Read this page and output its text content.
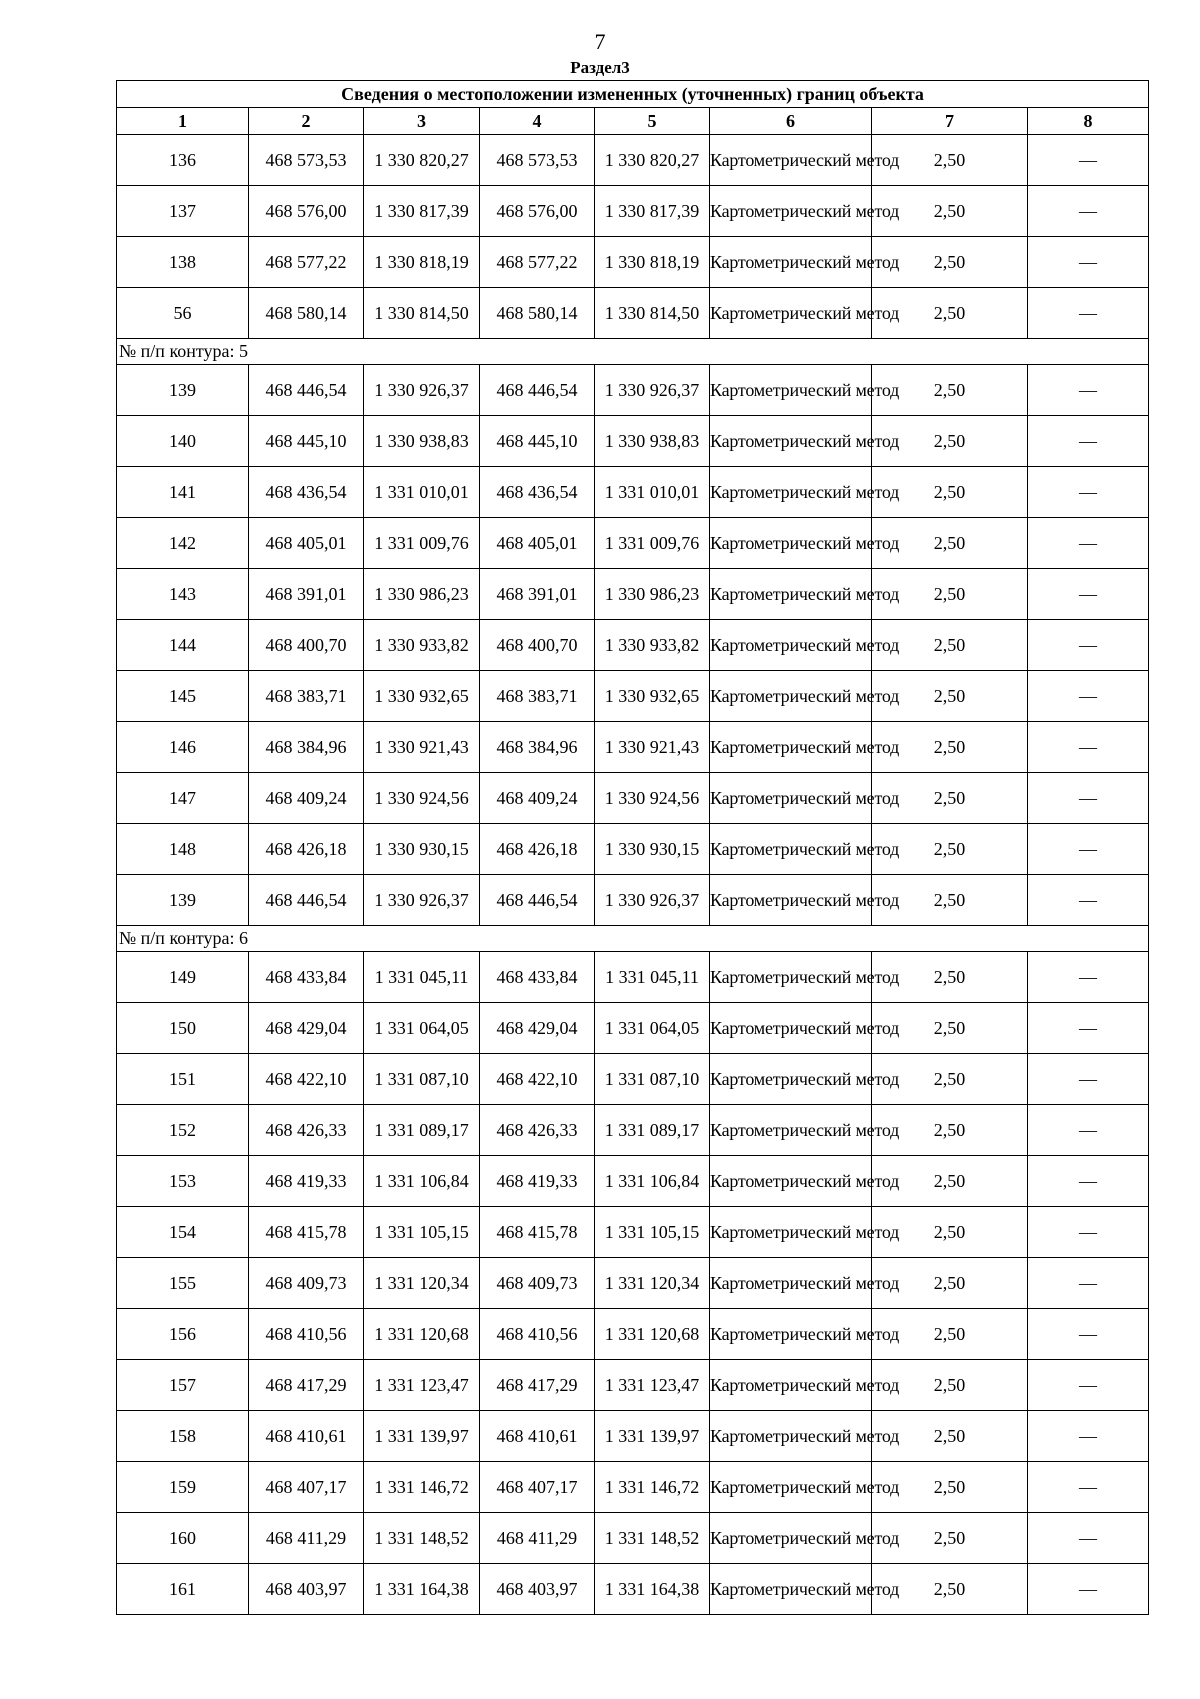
7
Раздел3
Сведения о местоположении измененных (уточненных) границ объекта							
1	2	3	4	5	6	7	8
136	468 573,53	1 330 820,27	468 573,53	1 330 820,27	Картометрический метод	2,50	—
137	468 576,00	1 330 817,39	468 576,00	1 330 817,39	Картометрический метод	2,50	—
138	468 577,22	1 330 818,19	468 577,22	1 330 818,19	Картометрический метод	2,50	—
56	468 580,14	1 330 814,50	468 580,14	1 330 814,50	Картометрический метод	2,50	—
№ п/п контура: 5							
139	468 446,54	1 330 926,37	468 446,54	1 330 926,37	Картометрический метод	2,50	—
140	468 445,10	1 330 938,83	468 445,10	1 330 938,83	Картометрический метод	2,50	—
141	468 436,54	1 331 010,01	468 436,54	1 331 010,01	Картометрический метод	2,50	—
142	468 405,01	1 331 009,76	468 405,01	1 331 009,76	Картометрический метод	2,50	—
143	468 391,01	1 330 986,23	468 391,01	1 330 986,23	Картометрический метод	2,50	—
144	468 400,70	1 330 933,82	468 400,70	1 330 933,82	Картометрический метод	2,50	—
145	468 383,71	1 330 932,65	468 383,71	1 330 932,65	Картометрический метод	2,50	—
146	468 384,96	1 330 921,43	468 384,96	1 330 921,43	Картометрический метод	2,50	—
147	468 409,24	1 330 924,56	468 409,24	1 330 924,56	Картометрический метод	2,50	—
148	468 426,18	1 330 930,15	468 426,18	1 330 930,15	Картометрический метод	2,50	—
139	468 446,54	1 330 926,37	468 446,54	1 330 926,37	Картометрический метод	2,50	—
№ п/п контура: 6							
149	468 433,84	1 331 045,11	468 433,84	1 331 045,11	Картометрический метод	2,50	—
150	468 429,04	1 331 064,05	468 429,04	1 331 064,05	Картометрический метод	2,50	—
151	468 422,10	1 331 087,10	468 422,10	1 331 087,10	Картометрический метод	2,50	—
152	468 426,33	1 331 089,17	468 426,33	1 331 089,17	Картометрический метод	2,50	—
153	468 419,33	1 331 106,84	468 419,33	1 331 106,84	Картометрический метод	2,50	—
154	468 415,78	1 331 105,15	468 415,78	1 331 105,15	Картометрический метод	2,50	—
155	468 409,73	1 331 120,34	468 409,73	1 331 120,34	Картометрический метод	2,50	—
156	468 410,56	1 331 120,68	468 410,56	1 331 120,68	Картометрический метод	2,50	—
157	468 417,29	1 331 123,47	468 417,29	1 331 123,47	Картометрический метод	2,50	—
158	468 410,61	1 331 139,97	468 410,61	1 331 139,97	Картометрический метод	2,50	—
159	468 407,17	1 331 146,72	468 407,17	1 331 146,72	Картометрический метод	2,50	—
160	468 411,29	1 331 148,52	468 411,29	1 331 148,52	Картометрический метод	2,50	—
161	468 403,97	1 331 164,38	468 403,97	1 331 164,38	Картометрический метод	2,50	—
